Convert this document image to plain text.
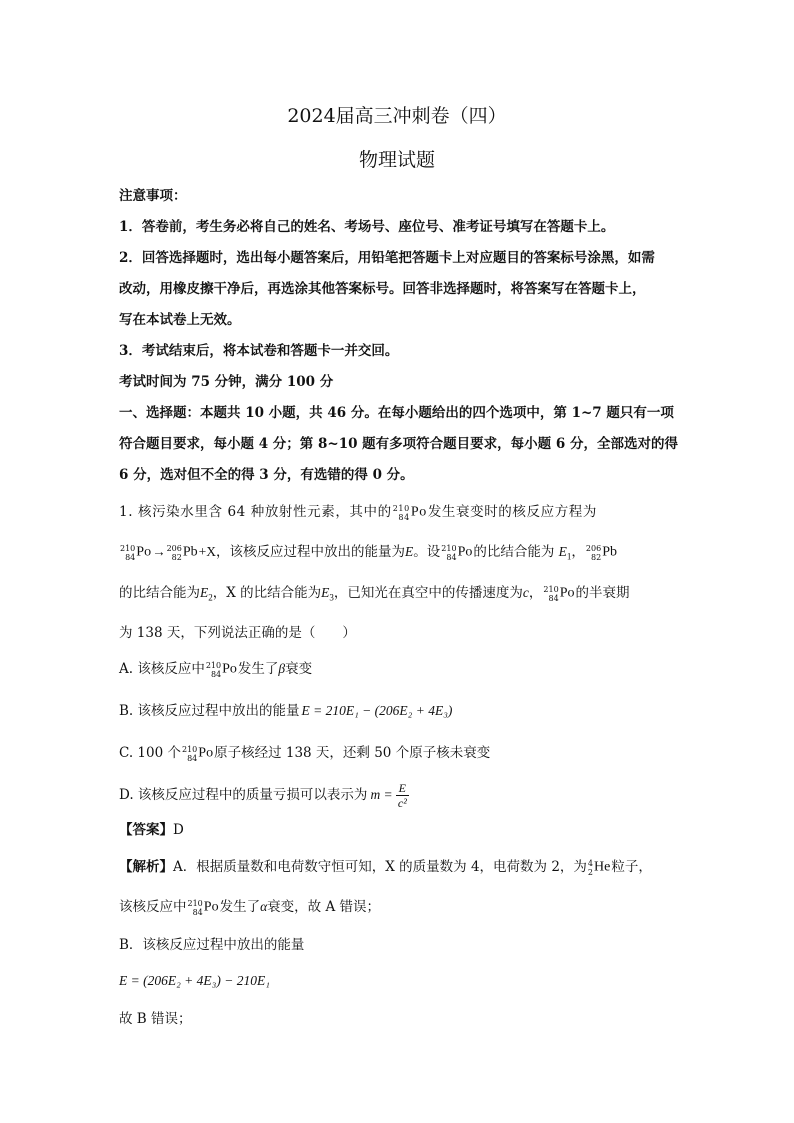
2024届高三冲刺卷（四）
物理试题
注意事项：
1．答卷前，考生务必将自己的姓名、考场号、座位号、准考证号填写在答题卡上。
2．回答选择题时，选出每小题答案后，用铅笔把答题卡上对应题目的答案标号涂黑，如需
改动，用橡皮擦干净后，再选涂其他答案标号。回答非选择题时，将答案写在答题卡上，
写在本试卷上无效。
3．考试结束后，将本试卷和答题卡一并交回。
考试时间为 75 分钟，满分 100 分
一、选择题：本题共 10 小题，共 46 分。在每小题给出的四个选项中，第 1~7 题只有一项
符合题目要求，每小题 4 分；第 8~10 题有多项符合题目要求，每小题 6 分，全部选对的得
6 分，选对但不全的得 3 分，有选错的得 0 分。
1. 核污染水里含 64 种放射性元素，其中的 210
84 Po发生衰变时的核反应方程为
210
84 Po→ 206
82 Pb+X，该核反应过程中放出的能量为E。设 210
84 Po的比结合能为 $E_1$， 206
82 Pb
的比结合能为$E_2$，X 的比结合能为$E_3$，已知光在真空中的传播速度为c， 210
84 Po的半衰期
为 138 天，下列说法正确的是（　　）
A. 该核反应中 210
84 Po发生了β衰变
B. 该核反应过程中放出的能量 E = 210E₁ − (206E₂ + 4E₃)
C. 100 个 210
84 Po原子核经过 138 天，还剩 50 个原子核未衰变
D. 该核反应过程中的质量亏损可以表示为 $m = \frac{E}{\text{c²}}$
【答案】D
【解析】A．根据质量数和电荷数守恒可知，X 的质量数为 4，电荷数为 2，为 4
2 He粒子，
该核反应中 210
84 Po发生了α衰变，故 A 错误；
B．该核反应过程中放出的能量
E = (206E₂ + 4E₃) − 210E₁
故 B 错误；
